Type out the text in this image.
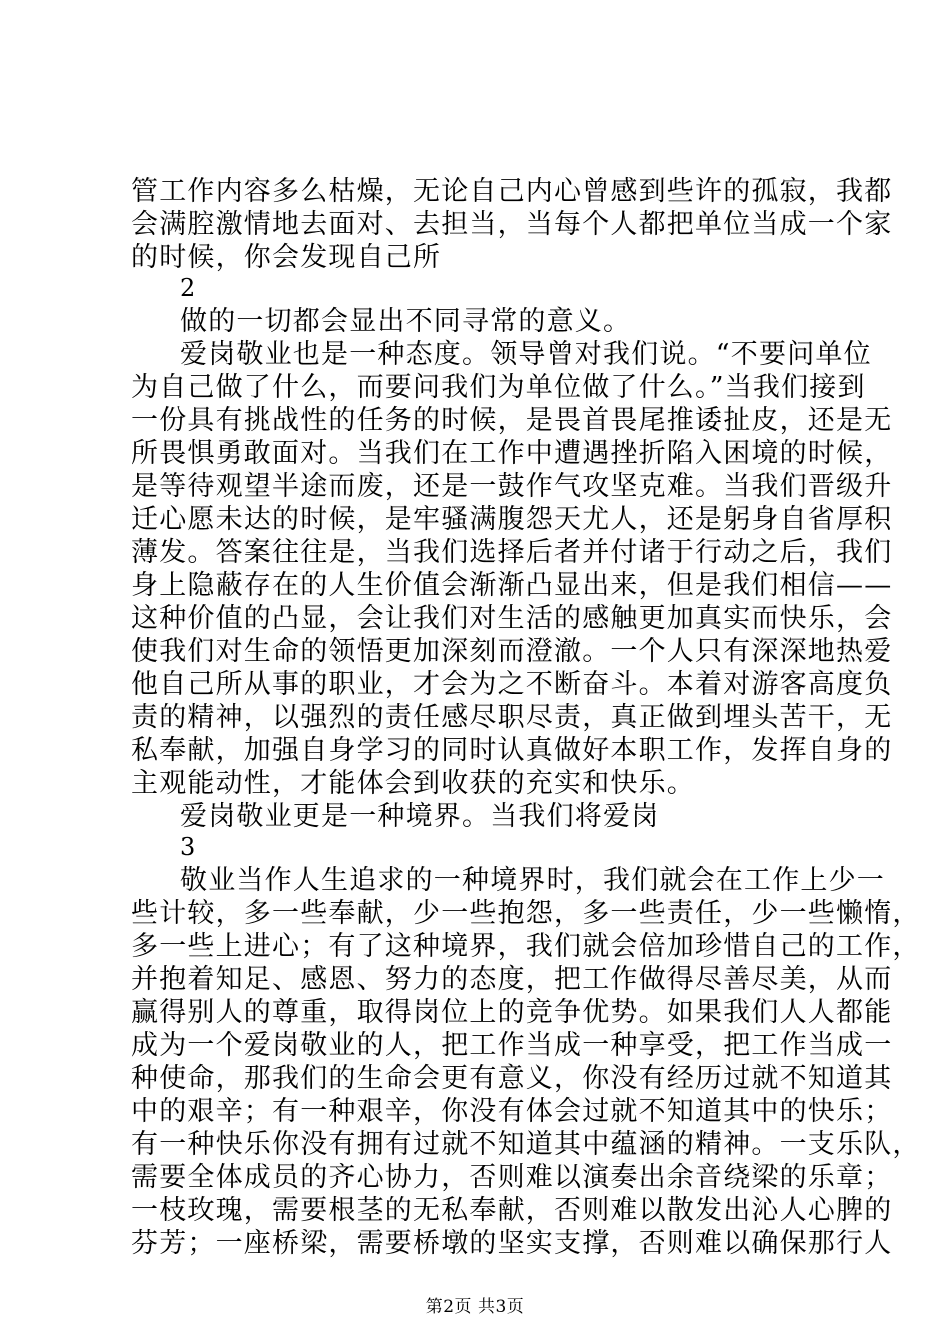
管工作内容多么枯燥，无论自己内心曾感到些许的孤寂，我都
会满腔激情地去面对、去担当，当每个人都把单位当成一个家
的时候，你会发现自己所
2
做的一切都会显出不同寻常的意义。
爱岗敬业也是一种态度。领导曾对我们说。“不要问单位
为自己做了什么，而要问我们为单位做了什么。”当我们接到
一份具有挑战性的任务的时候，是畏首畏尾推诿扯皮，还是无
所畏惧勇敢面对。当我们在工作中遭遇挫折陷入困境的时候，
是等待观望半途而废，还是一鼓作气攻坚克难。当我们晋级升
迁心愿未达的时候，是牢骚满腹怨天尤人，还是躬身自省厚积
薄发。答案往往是，当我们选择后者并付诸于行动之后，我们
身上隐蔽存在的人生价值会渐渐凸显出来，但是我们相信——
这种价值的凸显，会让我们对生活的感触更加真实而快乐，会
使我们对生命的领悟更加深刻而澄澈。一个人只有深深地热爱
他自己所从事的职业，才会为之不断奋斗。本着对游客高度负
责的精神，以强烈的责任感尽职尽责，真正做到埋头苦干，无
私奉献，加强自身学习的同时认真做好本职工作，发挥自身的
主观能动性，才能体会到收获的充实和快乐。
爱岗敬业更是一种境界。当我们将爱岗
3
敬业当作人生追求的一种境界时，我们就会在工作上少一
些计较，多一些奉献，少一些抱怨，多一些责任，少一些懒惰，
多一些上进心；有了这种境界，我们就会倍加珍惜自己的工作，
并抱着知足、感恩、努力的态度，把工作做得尽善尽美，从而
赢得别人的尊重，取得岗位上的竞争优势。如果我们人人都能
成为一个爱岗敬业的人，把工作当成一种享受，把工作当成一
种使命，那我们的生命会更有意义，你没有经历过就不知道其
中的艰辛；有一种艰辛，你没有体会过就不知道其中的快乐；
有一种快乐你没有拥有过就不知道其中蕴涵的精神。一支乐队，
需要全体成员的齐心协力，否则难以演奏出余音绕梁的乐章；
一枝玫瑰，需要根茎的无私奉献，否则难以散发出沁人心脾的
芬芳；一座桥梁，需要桥墩的坚实支撑，否则难以确保那行人
第2页 共3页
